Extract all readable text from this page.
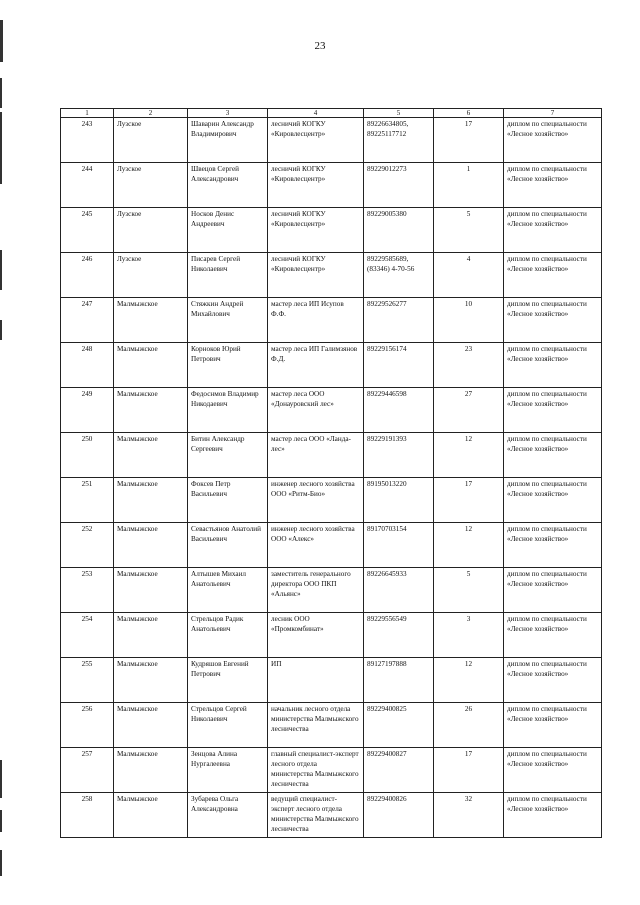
23
1	2	3	4	5	6	7
243	Лузское	Шаварин Александр Владимирович	лесничий КОГКУ «Кировлесцентр»	89226634805, 89225117712	17	диплом по специальности «Лесное хозяйство»
244	Лузское	Швецов Сергей Александрович	лесничий КОГКУ «Кировлесцентр»	89229012273	1	диплом по специальности «Лесное хозяйство»
245	Лузское	Носков Денис Андреевич	лесничий КОГКУ «Кировлесцентр»	89229005380	5	диплом по специальности «Лесное хозяйство»
246	Лузское	Писарев Сергей Николаевич	лесничий КОГКУ «Кировлесцентр»	89229585689, (83346) 4-70-56	4	диплом по специальности «Лесное хозяйство»
247	Малмыжское	Стяжкин Андрей Михайлович	мастер леса ИП Исупов Ф.Ф.	89229526277	10	диплом по специальности «Лесное хозяйство»
248	Малмыжское	Корноков Юрий Петрович	мастер леса ИП Галимзянов Ф.Д.	89229156174	23	диплом по специальности «Лесное хозяйство»
249	Малмыжское	Федоснмов Владимир Никодаевич	мастер леса ООО «Донауровский лес»	89229446598	27	диплом по специальности «Лесное хозяйство»
250	Малмыжское	Битин Александр Сергеевич	мастер леса ООО «Ланда-лес»	89229191393	12	диплом по специальности «Лесное хозяйство»
251	Малмыжское	Фоксев Петр Васильевич	инженер лесного хозяйства ООО «Ритм-Био»	89195013220	17	диплом по специальности «Лесное хозяйство»
252	Малмыжское	Севастьянов Анатолий Васильевич	инженер лесного хозяйства ООО «Алекс»	89170703154	12	диплом по специальности «Лесное хозяйство»
253	Малмыжское	Алтышев Михаил Анатольевич	заместитель генерального директора ООО ПКП «Альянс»	89226645933	5	диплом по специальности «Лесное хозяйство»
254	Малмыжское	Стрельцов Радик Анатольевич	лесник ООО «Промкомбинат»	89229556549	3	диплом по специальности «Лесное хозяйство»
255	Малмыжское	Кудряшов Евгений Петрович	ИП	89127197888	12	диплом по специальности «Лесное хозяйство»
256	Малмыжское	Стрельцов Сергей Николаевич	начальник лесного отдела министерства Малмыжского лесничества	89229400825	26	диплом по специальности «Лесное хозяйство»
257	Малмыжское	Зенцова Алина Нургалеевна	главный специалист-эксперт лесного отдела министерства Малмыжского лесничества	89229400827	17	диплом по специальности «Лесное хозяйство»
258	Малмыжское	Зубарева Ольга Александровна	ведущий специалист-эксперт лесного отдела министерства Малмыжского лесничества	89229400826	32	диплом по специальности «Лесное хозяйство»
